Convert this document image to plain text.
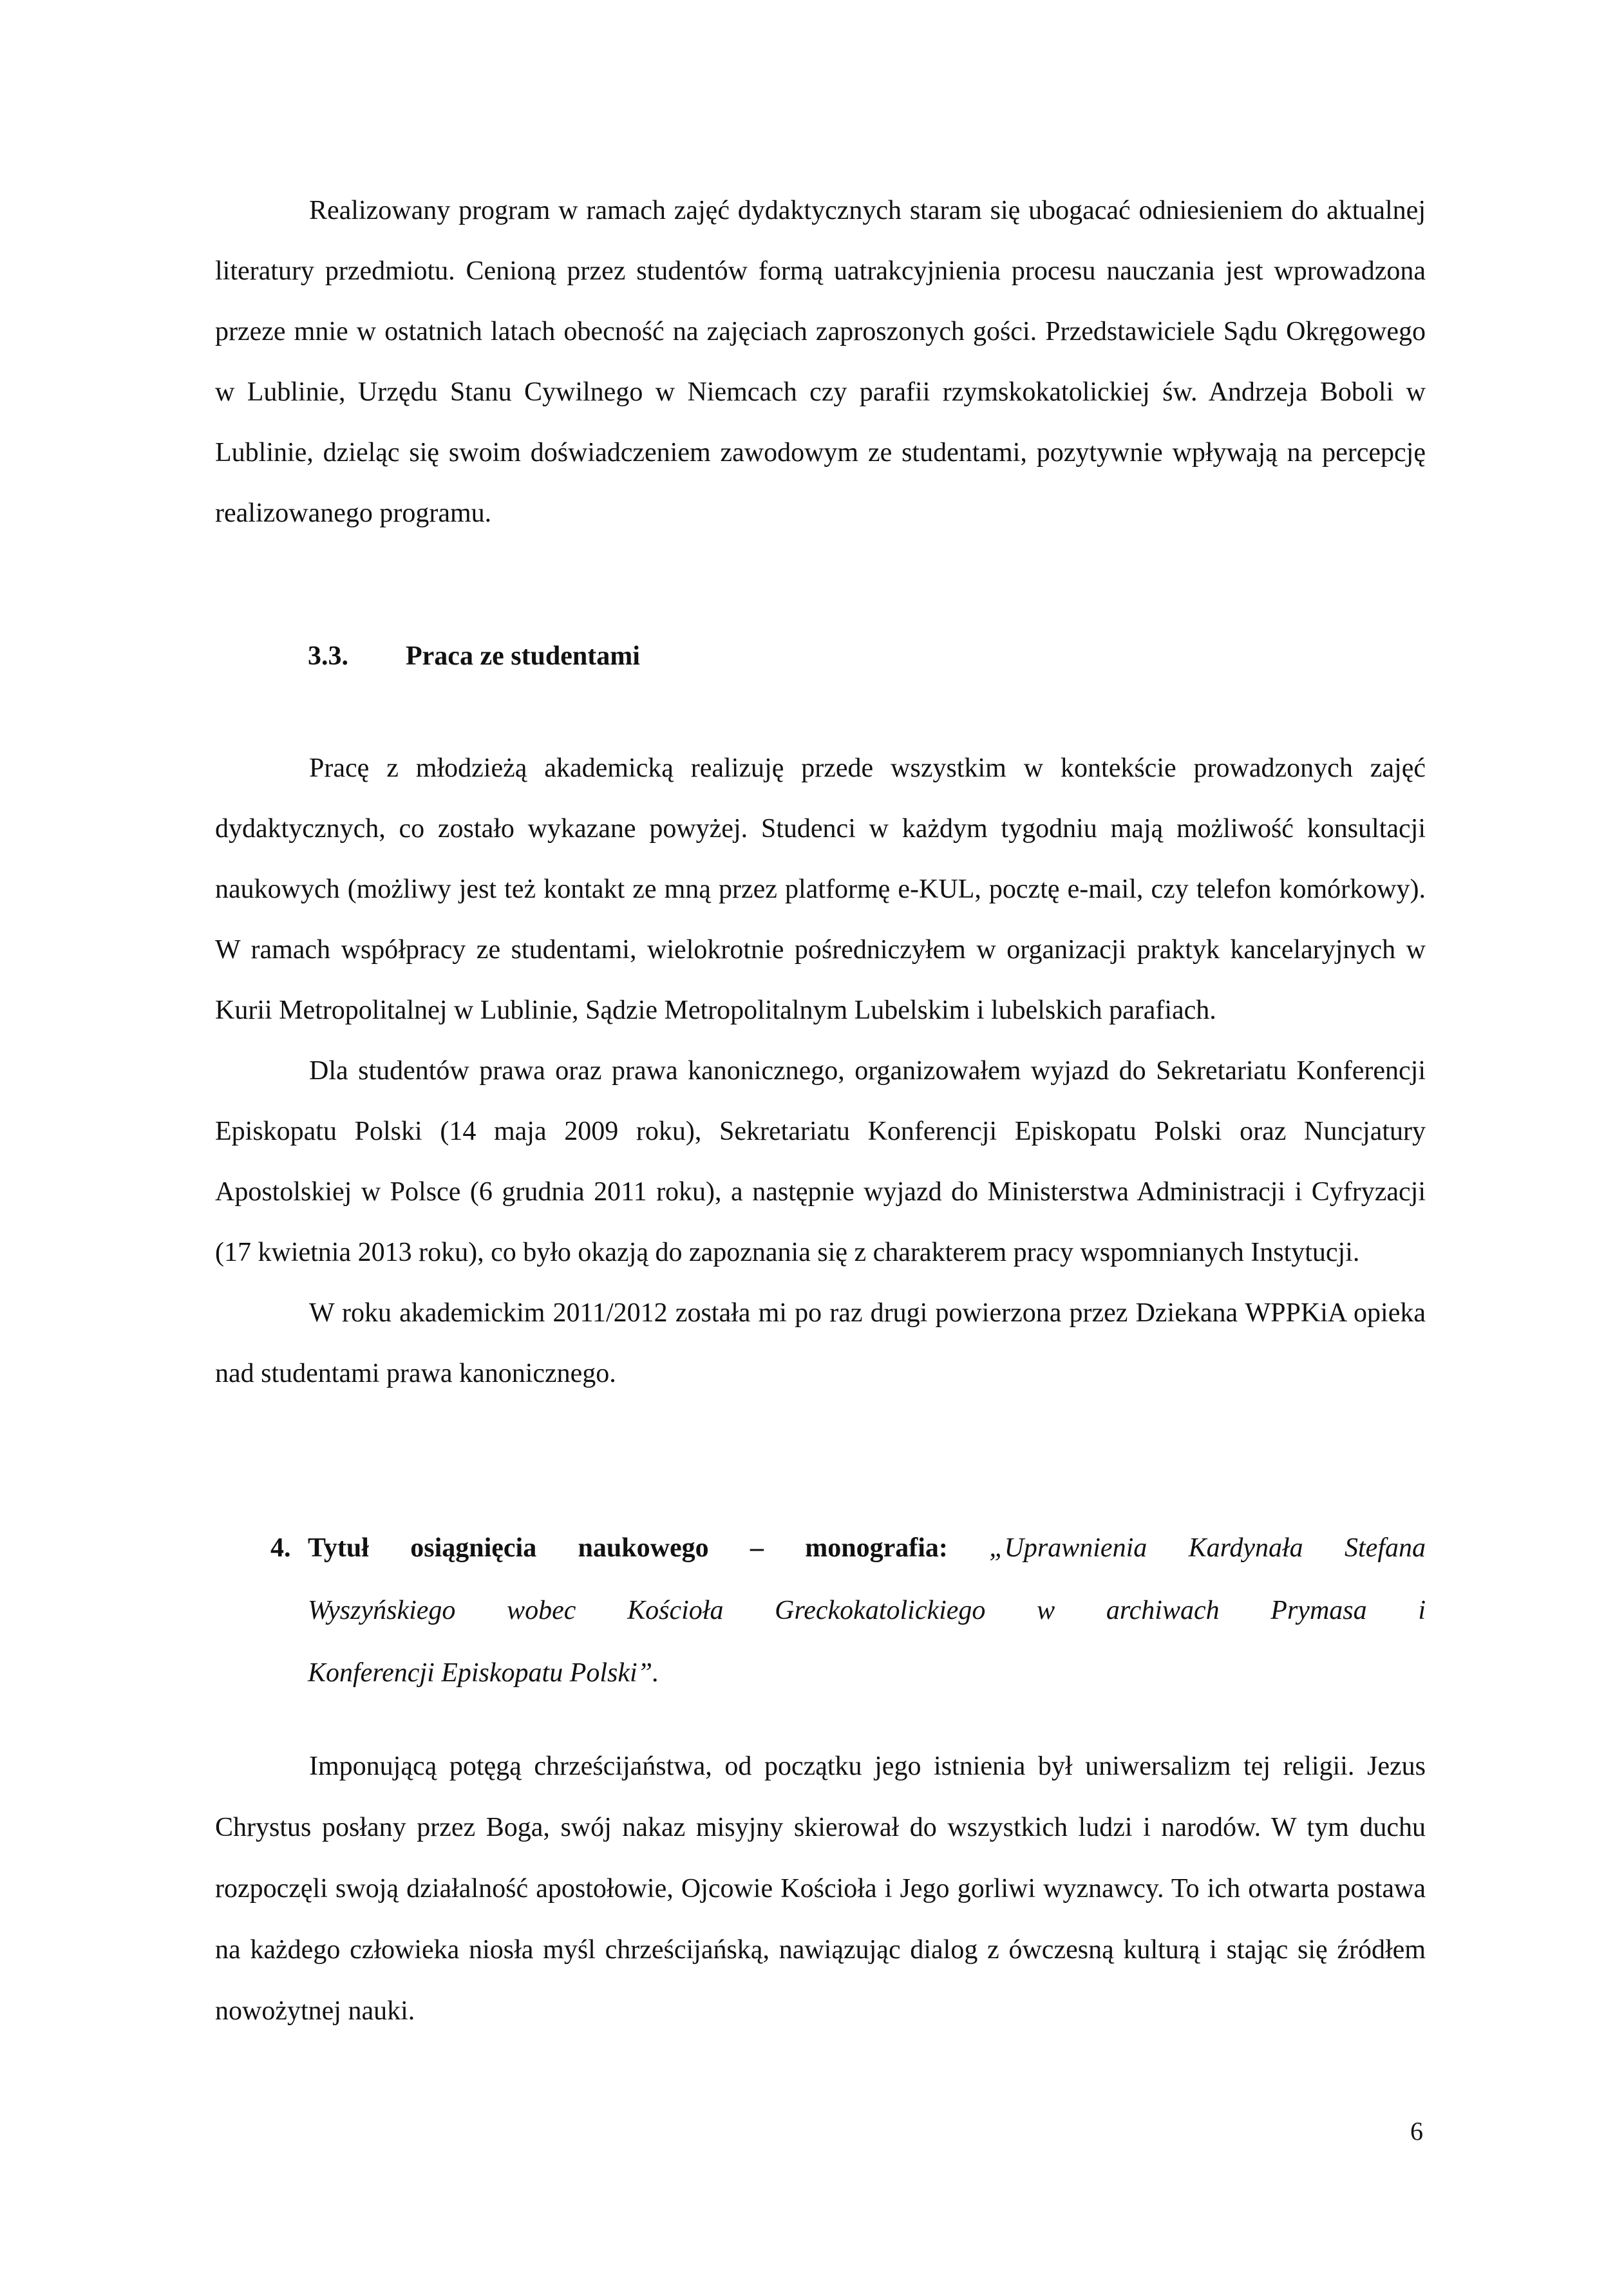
Realizowany program w ramach zajęć dydaktycznych staram się ubogacać odniesieniem do aktualnej literatury przedmiotu. Cenioną przez studentów formą uatrakcyjnienia procesu nauczania jest wprowadzona przeze mnie w ostatnich latach obecność na zajęciach zaproszonych gości. Przedstawiciele Sądu Okręgowego w Lublinie, Urzędu Stanu Cywilnego w Niemcach czy parafii rzymskokatolickiej św. Andrzeja Boboli w Lublinie, dzieląc się swoim doświadczeniem zawodowym ze studentami, pozytywnie wpływają na percepcję realizowanego programu.

3.3. Praca ze studentami

Pracę z młodzieżą akademicką realizuję przede wszystkim w kontekście prowadzonych zajęć dydaktycznych, co zostało wykazane powyżej. Studenci w każdym tygodniu mają możliwość konsultacji naukowych (możliwy jest też kontakt ze mną przez platformę e-KUL, pocztę e-mail, czy telefon komórkowy). W ramach współpracy ze studentami, wielokrotnie pośredniczyłem w organizacji praktyk kancelaryjnych w Kurii Metropolitalnej w Lublinie, Sądzie Metropolitalnym Lubelskim i lubelskich parafiach.

Dla studentów prawa oraz prawa kanonicznego, organizowałem wyjazd do Sekretariatu Konferencji Episkopatu Polski (14 maja 2009 roku), Sekretariatu Konferencji Episkopatu Polski oraz Nuncjatury Apostolskiej w Polsce (6 grudnia 2011 roku), a następnie wyjazd do Ministerstwa Administracji i Cyfryzacji (17 kwietnia 2013 roku), co było okazją do zapoznania się z charakterem pracy wspomnianych Instytucji.

W roku akademickim 2011/2012 została mi po raz drugi powierzona przez Dziekana WPPKiA opieka nad studentami prawa kanonicznego.

4. Tytuł osiągnięcia naukowego – monografia: „Uprawnienia Kardynała Stefana
Wyszyńskiego wobec Kościoła Greckokatolickiego w archiwach Prymasa i
Konferencji Episkopatu Polski”.

Imponującą potęgą chrześcijaństwa, od początku jego istnienia był uniwersalizm tej religii. Jezus Chrystus posłany przez Boga, swój nakaz misyjny skierował do wszystkich ludzi i narodów. W tym duchu rozpoczęli swoją działalność apostołowie, Ojcowie Kościoła i Jego gorliwi wyznawcy. To ich otwarta postawa na każdego człowieka niosła myśl chrześcijańską, nawiązując dialog z ówczesną kulturą i stając się źródłem nowożytnej nauki.

6
